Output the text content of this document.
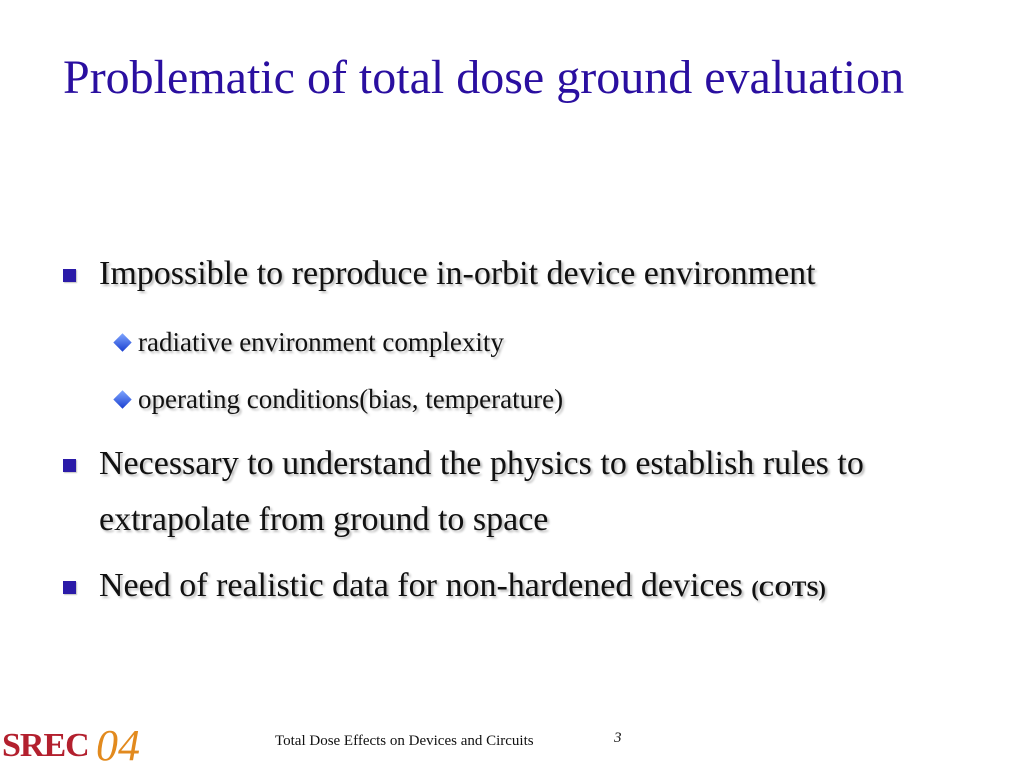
Problematic of total dose ground evaluation
Impossible to reproduce in-orbit device environment
radiative environment complexity
operating conditions(bias, temperature)
Necessary to understand the physics to establish rules to extrapolate from ground to space
Need of realistic data for non-hardened devices (COTS)
SREC 04	Total Dose Effects on Devices and Circuits	3
